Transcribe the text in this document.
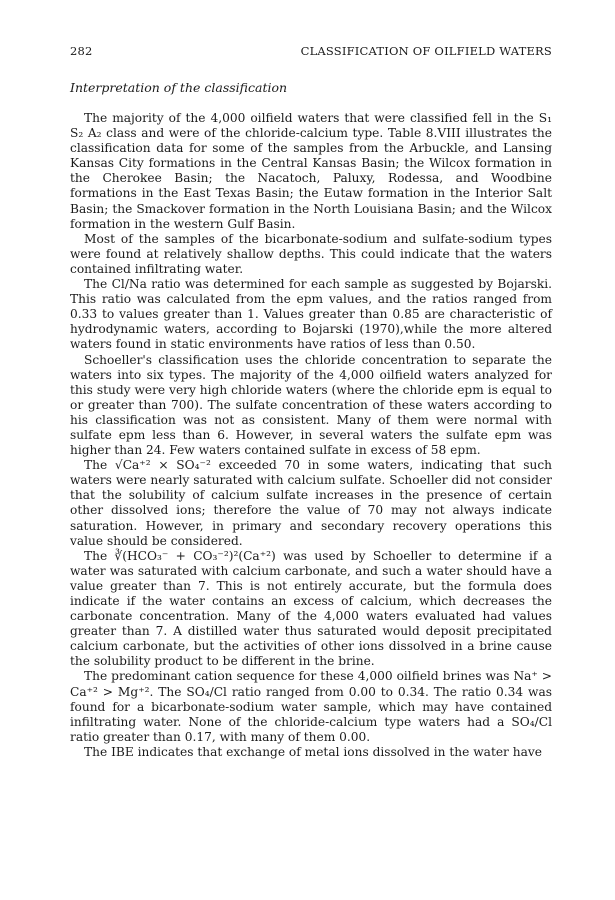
282	CLASSIFICATION OF OILFIELD WATERS
Interpretation of the classification

The majority of the 4,000 oilfield waters that were classified fell in the S₁ S₂ A₂ class and were of the chloride-calcium type. Table 8.VIII illustrates the classification data for some of the samples from the Arbuckle, and Lansing Kansas City formations in the Central Kansas Basin; the Wilcox formation in the Cherokee Basin; the Nacatoch, Paluxy, Rodessa, and Woodbine formations in the East Texas Basin; the Eutaw formation in the Interior Salt Basin; the Smackover formation in the North Louisiana Basin; and the Wilcox formation in the western Gulf Basin.

Most of the samples of the bicarbonate-sodium and sulfate-sodium types were found at relatively shallow depths. This could indicate that the waters contained infiltrating water.

The Cl/Na ratio was determined for each sample as suggested by Bojarski. This ratio was calculated from the epm values, and the ratios ranged from 0.33 to values greater than 1. Values greater than 0.85 are characteristic of hydrodynamic waters, according to Bojarski (1970),while the more altered waters found in static environments have ratios of less than 0.50.

Schoeller's classification uses the chloride concentration to separate the waters into six types. The majority of the 4,000 oilfield waters analyzed for this study were very high chloride waters (where the chloride epm is equal to or greater than 700). The sulfate concentration of these waters according to his classification was not as consistent. Many of them were normal with sulfate epm less than 6. However, in several waters the sulfate epm was higher than 24. Few waters contained sulfate in excess of 58 epm.

The √Ca⁺² × SO₄⁻² exceeded 70 in some waters, indicating that such waters were nearly saturated with calcium sulfate. Schoeller did not consider that the solubility of calcium sulfate increases in the presence of certain other dissolved ions; therefore the value of 70 may not always indicate saturation. However, in primary and secondary recovery operations this value should be considered.

The ∛(HCO₃⁻ + CO₃⁻²)²(Ca⁺²) was used by Schoeller to determine if a water was saturated with calcium carbonate, and such a water should have a value greater than 7. This is not entirely accurate, but the formula does indicate if the water contains an excess of calcium, which decreases the carbonate concentration. Many of the 4,000 waters evaluated had values greater than 7. A distilled water thus saturated would deposit precipitated calcium carbonate, but the activities of other ions dissolved in a brine cause the solubility product to be different in the brine.

The predominant cation sequence for these 4,000 oilfield brines was Na⁺ > Ca⁺² > Mg⁺². The SO₄/Cl ratio ranged from 0.00 to 0.34. The ratio 0.34 was found for a bicarbonate-sodium water sample, which may have contained infiltrating water. None of the chloride-calcium type waters had a SO₄/Cl ratio greater than 0.17, with many of them 0.00.

The IBE indicates that exchange of metal ions dissolved in the water have
